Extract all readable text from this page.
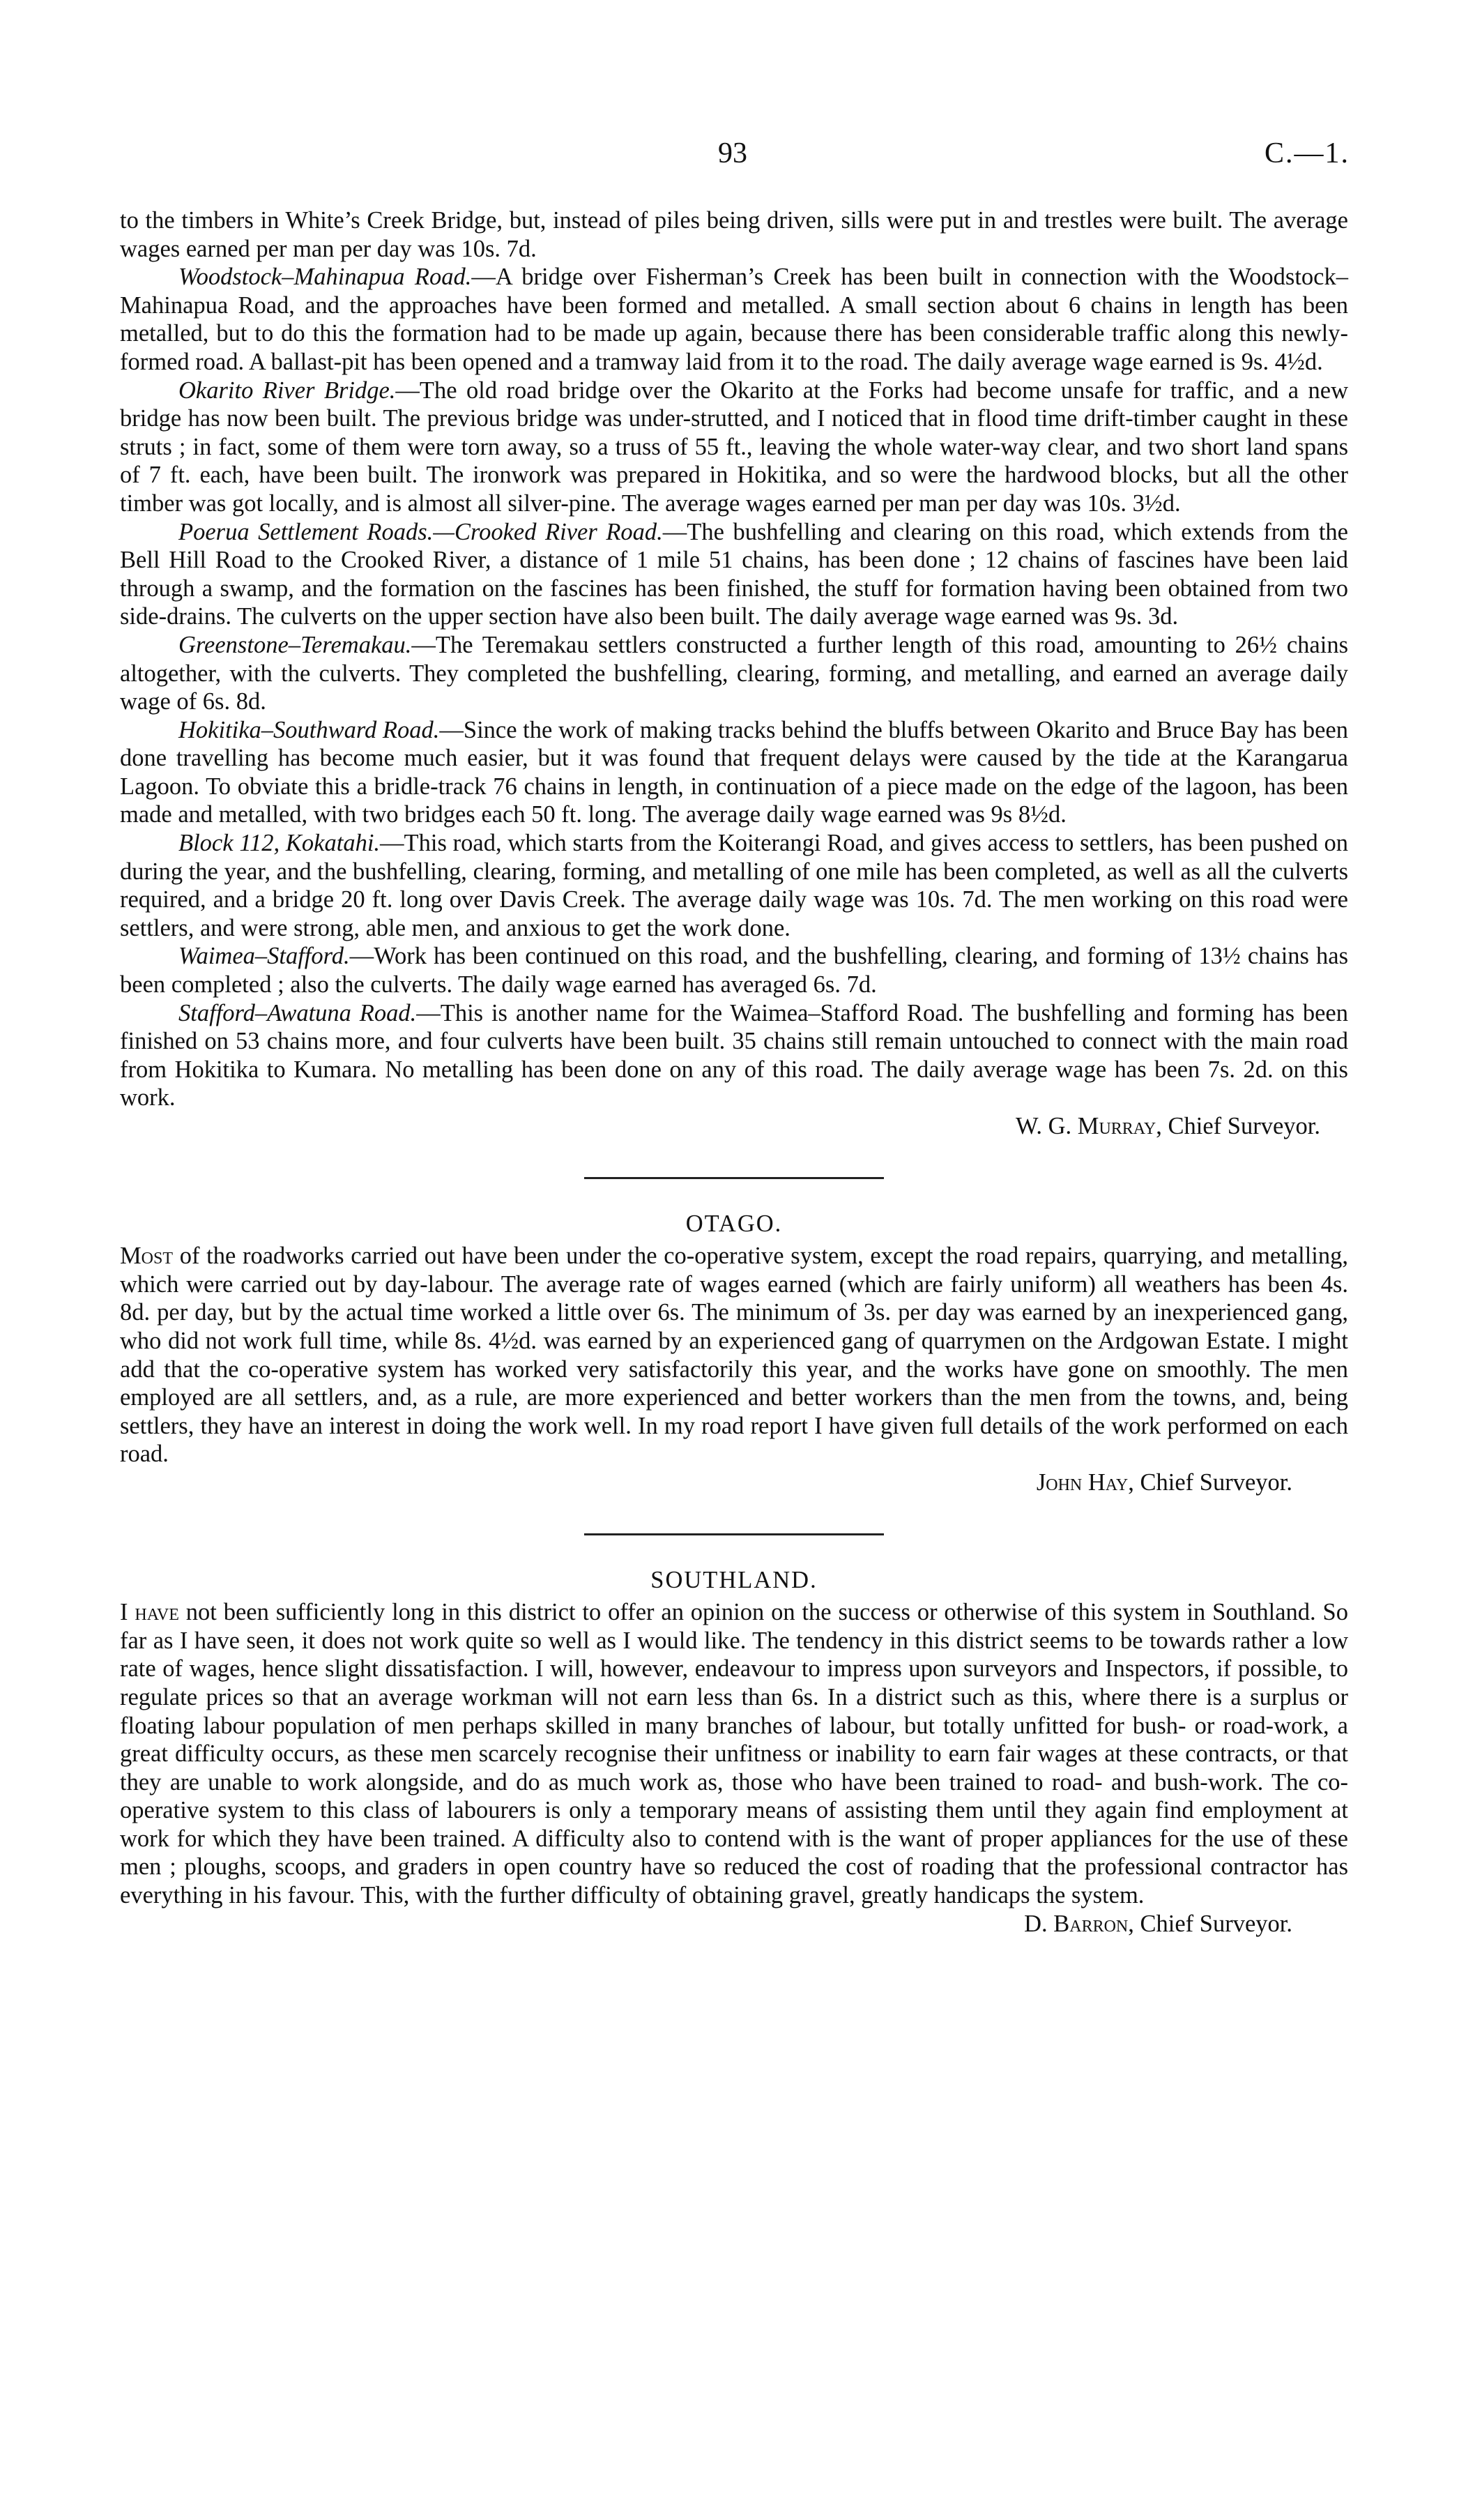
93	C.—1.

to the timbers in White’s Creek Bridge, but, instead of piles being driven, sills were put in and trestles were built. The average wages earned per man per day was 10s. 7d.

Woodstock–Mahinapua Road.—A bridge over Fisherman’s Creek has been built in connection with the Woodstock–Mahinapua Road, and the approaches have been formed and metalled. A small section about 6 chains in length has been metalled, but to do this the formation had to be made up again, because there has been considerable traffic along this newly-formed road. A ballast-pit has been opened and a tramway laid from it to the road. The daily average wage earned is 9s. 4½d.

Okarito River Bridge.—The old road bridge over the Okarito at the Forks had become unsafe for traffic, and a new bridge has now been built. The previous bridge was under-strutted, and I noticed that in flood time drift-timber caught in these struts ; in fact, some of them were torn away, so a truss of 55 ft., leaving the whole water-way clear, and two short land spans of 7 ft. each, have been built. The ironwork was prepared in Hokitika, and so were the hardwood blocks, but all the other timber was got locally, and is almost all silver-pine. The average wages earned per man per day was 10s. 3½d.

Poerua Settlement Roads.—Crooked River Road.—The bushfelling and clearing on this road, which extends from the Bell Hill Road to the Crooked River, a distance of 1 mile 51 chains, has been done ; 12 chains of fascines have been laid through a swamp, and the formation on the fascines has been finished, the stuff for formation having been obtained from two side-drains. The culverts on the upper section have also been built. The daily average wage earned was 9s. 3d.

Greenstone–Teremakau.—The Teremakau settlers constructed a further length of this road, amounting to 26½ chains altogether, with the culverts. They completed the bushfelling, clearing, forming, and metalling, and earned an average daily wage of 6s. 8d.

Hokitika–Southward Road.—Since the work of making tracks behind the bluffs between Okarito and Bruce Bay has been done travelling has become much easier, but it was found that frequent delays were caused by the tide at the Karangarua Lagoon. To obviate this a bridle-track 76 chains in length, in continuation of a piece made on the edge of the lagoon, has been made and metalled, with two bridges each 50 ft. long. The average daily wage earned was 9s 8½d.

Block 112, Kokatahi.—This road, which starts from the Koiterangi Road, and gives access to settlers, has been pushed on during the year, and the bushfelling, clearing, forming, and metalling of one mile has been completed, as well as all the culverts required, and a bridge 20 ft. long over Davis Creek. The average daily wage was 10s. 7d. The men working on this road were settlers, and were strong, able men, and anxious to get the work done.

Waimea–Stafford.—Work has been continued on this road, and the bushfelling, clearing, and forming of 13½ chains has been completed ; also the culverts. The daily wage earned has averaged 6s. 7d.

Stafford–Awatuna Road.—This is another name for the Waimea–Stafford Road. The bushfelling and forming has been finished on 53 chains more, and four culverts have been built. 35 chains still remain untouched to connect with the main road from Hokitika to Kumara. No metalling has been done on any of this road. The daily average wage has been 7s. 2d. on this work.

W. G. Murray, Chief Surveyor.

OTAGO.

Most of the roadworks carried out have been under the co-operative system, except the road repairs, quarrying, and metalling, which were carried out by day-labour. The average rate of wages earned (which are fairly uniform) all weathers has been 4s. 8d. per day, but by the actual time worked a little over 6s. The minimum of 3s. per day was earned by an inexperienced gang, who did not work full time, while 8s. 4½d. was earned by an experienced gang of quarrymen on the Ardgowan Estate. I might add that the co-operative system has worked very satisfactorily this year, and the works have gone on smoothly. The men employed are all settlers, and, as a rule, are more experienced and better workers than the men from the towns, and, being settlers, they have an interest in doing the work well. In my road report I have given full details of the work performed on each road.

John Hay, Chief Surveyor.

SOUTHLAND.

I have not been sufficiently long in this district to offer an opinion on the success or otherwise of this system in Southland. So far as I have seen, it does not work quite so well as I would like. The tendency in this district seems to be towards rather a low rate of wages, hence slight dissatisfaction. I will, however, endeavour to impress upon surveyors and Inspectors, if possible, to regulate prices so that an average workman will not earn less than 6s. In a district such as this, where there is a surplus or floating labour population of men perhaps skilled in many branches of labour, but totally unfitted for bush- or road-work, a great difficulty occurs, as these men scarcely recognise their unfitness or inability to earn fair wages at these contracts, or that they are unable to work alongside, and do as much work as, those who have been trained to road- and bush-work. The co-operative system to this class of labourers is only a temporary means of assisting them until they again find employment at work for which they have been trained. A difficulty also to contend with is the want of proper appliances for the use of these men ; ploughs, scoops, and graders in open country have so reduced the cost of roading that the professional contractor has everything in his favour. This, with the further difficulty of obtaining gravel, greatly handicaps the system.

D. Barron, Chief Surveyor.
